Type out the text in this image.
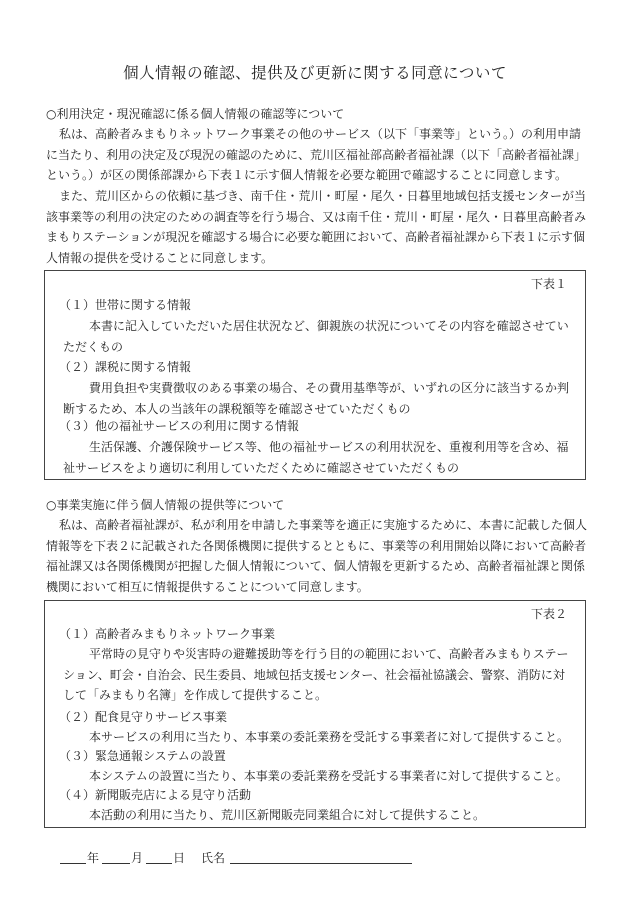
個人情報の確認、提供及び更新に関する同意について
○利用決定・現況確認に係る個人情報の確認等について
私は、高齢者みまもりネットワーク事業その他のサービス（以下「事業等」という。）の利用申請に当たり、利用の決定及び現況の確認のために、荒川区福祉部高齢者福祉課（以下「高齢者福祉課」という。）が区の関係部課から下表１に示す個人情報を必要な範囲で確認することに同意します。
また、荒川区からの依頼に基づき、南千住・荒川・町屋・尾久・日暮里地域包括支援センターが当該事業等の利用の決定のための調査等を行う場合、又は南千住・荒川・町屋・尾久・日暮里高齢者みまもりステーションが現況を確認する場合に必要な範囲において、高齢者福祉課から下表１に示す個人情報の提供を受けることに同意します。
下表１
（１）世帯に関する情報
本書に記入していただいた居住状況など、御親族の状況についてその内容を確認させていただくもの
（２）課税に関する情報
費用負担や実費徴収のある事業の場合、その費用基準等が、いずれの区分に該当するか判断するため、本人の当該年の課税額等を確認させていただくもの
（３）他の福祉サービスの利用に関する情報
生活保護、介護保険サービス等、他の福祉サービスの利用状況を、重複利用等を含め、福祉サービスをより適切に利用していただくために確認させていただくもの
○事業実施に伴う個人情報の提供等について
私は、高齢者福祉課が、私が利用を申請した事業等を適正に実施するために、本書に記載した個人情報等を下表２に記載された各関係機関に提供するとともに、事業等の利用開始以降において高齢者福祉課又は各関係機関が把握した個人情報について、個人情報を更新するため、高齢者福祉課と関係機関において相互に情報提供することについて同意します。
下表２
（１）高齢者みまもりネットワーク事業
平常時の見守りや災害時の避難援助等を行う目的の範囲において、高齢者みまもりステーション、町会・自治会、民生委員、地域包括支援センター、社会福祉協議会、警察、消防に対して「みまもり名簿」を作成して提供すること。
（２）配食見守りサービス事業
本サービスの利用に当たり、本事業の委託業務を受託する事業者に対して提供すること。
（３）緊急通報システムの設置
本システムの設置に当たり、本事業の委託業務を受託する事業者に対して提供すること。
（４）新聞販売店による見守り活動
本活動の利用に当たり、荒川区新聞販売同業組合に対して提供すること。
年	月 日 氏名
